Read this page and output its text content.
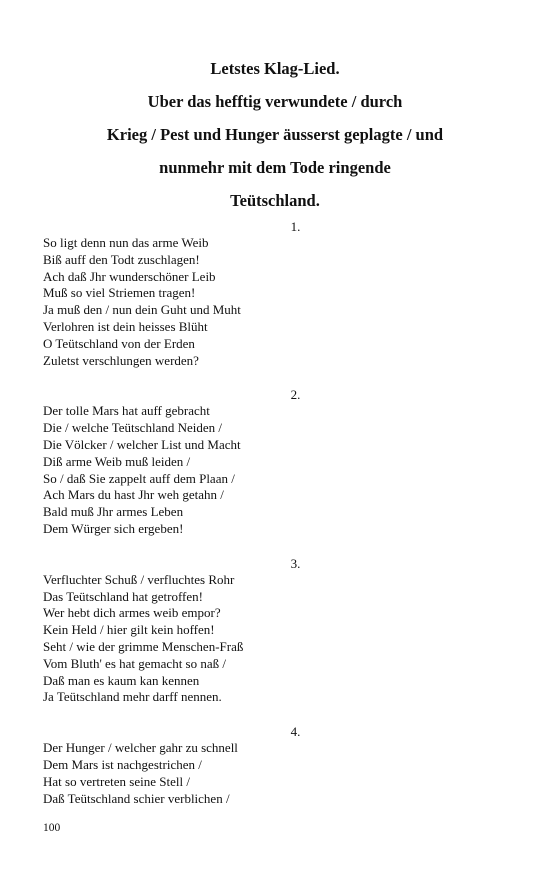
Letstes Klag-Lied.
Uber das hefftig verwundete / durch
Krieg / Pest und Hunger äusserst geplagte / und
nunmehr mit dem Tode ringende
Teütschland.
1.
So ligt denn nun das arme Weib
Biß auff den Todt zuschlagen!
Ach daß Jhr wunderschöner Leib
Muß so viel Striemen tragen!
Ja muß den / nun dein Guht und Muht
Verlohren ist dein heisses Blüht
O Teütschland von der Erden
Zuletst verschlungen werden?
2.
Der tolle Mars hat auff gebracht
Die / welche Teütschland Neiden /
Die Völcker / welcher List und Macht
Diß arme Weib muß leiden /
So / daß Sie zappelt auff dem Plaan /
Ach Mars du hast Jhr weh getahn /
Bald muß Jhr armes Leben
Dem Würger sich ergeben!
3.
Verfluchter Schuß / verfluchtes Rohr
Das Teütschland hat getroffen!
Wer hebt dich armes weib empor?
Kein Held / hier gilt kein hoffen!
Seht / wie der grimme Menschen-Fraß
Vom Bluth' es hat gemacht so naß /
Daß man es kaum kan kennen
Ja Teütschland mehr darff nennen.
4.
Der Hunger / welcher gahr zu schnell
Dem Mars ist nachgestrichen /
Hat so vertreten seine Stell /
Daß Teütschland schier verblichen /
100
